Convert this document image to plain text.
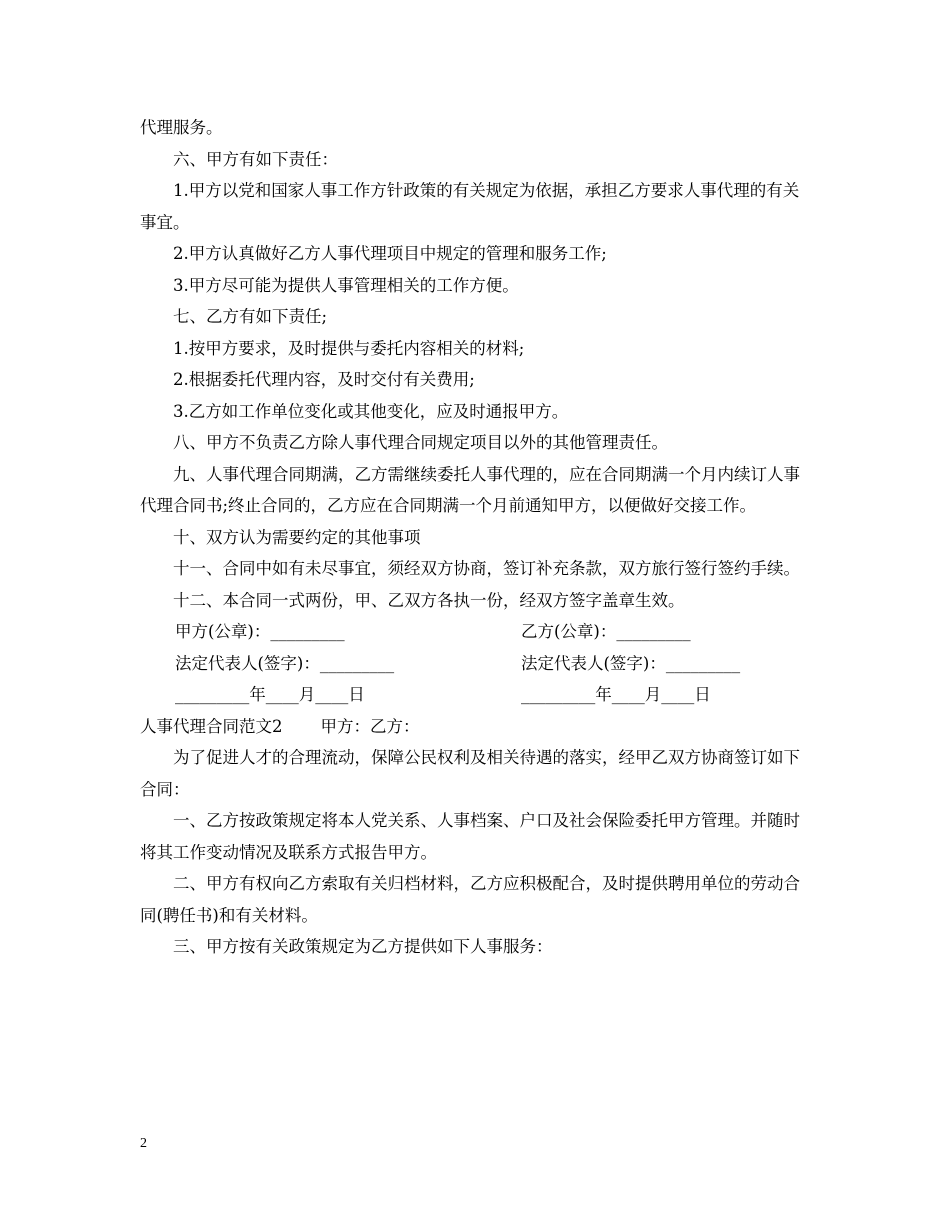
代理服务。

六、甲方有如下责任：

1.甲方以党和国家人事工作方针政策的有关规定为依据，承担乙方要求人事代理的有关事宜。

2.甲方认真做好乙方人事代理项目中规定的管理和服务工作;

3.甲方尽可能为提供人事管理相关的工作方便。

七、乙方有如下责任;

1.按甲方要求，及时提供与委托内容相关的材料;

2.根据委托代理内容，及时交付有关费用;

3.乙方如工作单位变化或其他变化，应及时通报甲方。

八、甲方不负责乙方除人事代理合同规定项目以外的其他管理责任。

九、人事代理合同期满，乙方需继续委托人事代理的，应在合同期满一个月内续订人事代理合同书;终止合同的，乙方应在合同期满一个月前通知甲方，以便做好交接工作。

十、双方认为需要约定的其他事项

十一、合同中如有未尽事宜，须经双方协商，签订补充条款，双方旅行签行签约手续。

十二、本合同一式两份，甲、乙双方各执一份，经双方签字盖章生效。

甲方(公章)：_________	乙方(公章)：_________
法定代表人(签字)：_________	法定代表人(签字)：_________
_________年____月____日	_________年____月____日
人事代理合同范文2 甲方：乙方：

为了促进人才的合理流动，保障公民权利及相关待遇的落实，经甲乙双方协商签订如下合同：

一、乙方按政策规定将本人党关系、人事档案、户口及社会保险委托甲方管理。并随时将其工作变动情况及联系方式报告甲方。

二、甲方有权向乙方索取有关归档材料，乙方应积极配合，及时提供聘用单位的劳动合同(聘任书)和有关材料。

三、甲方按有关政策规定为乙方提供如下人事服务：

2
